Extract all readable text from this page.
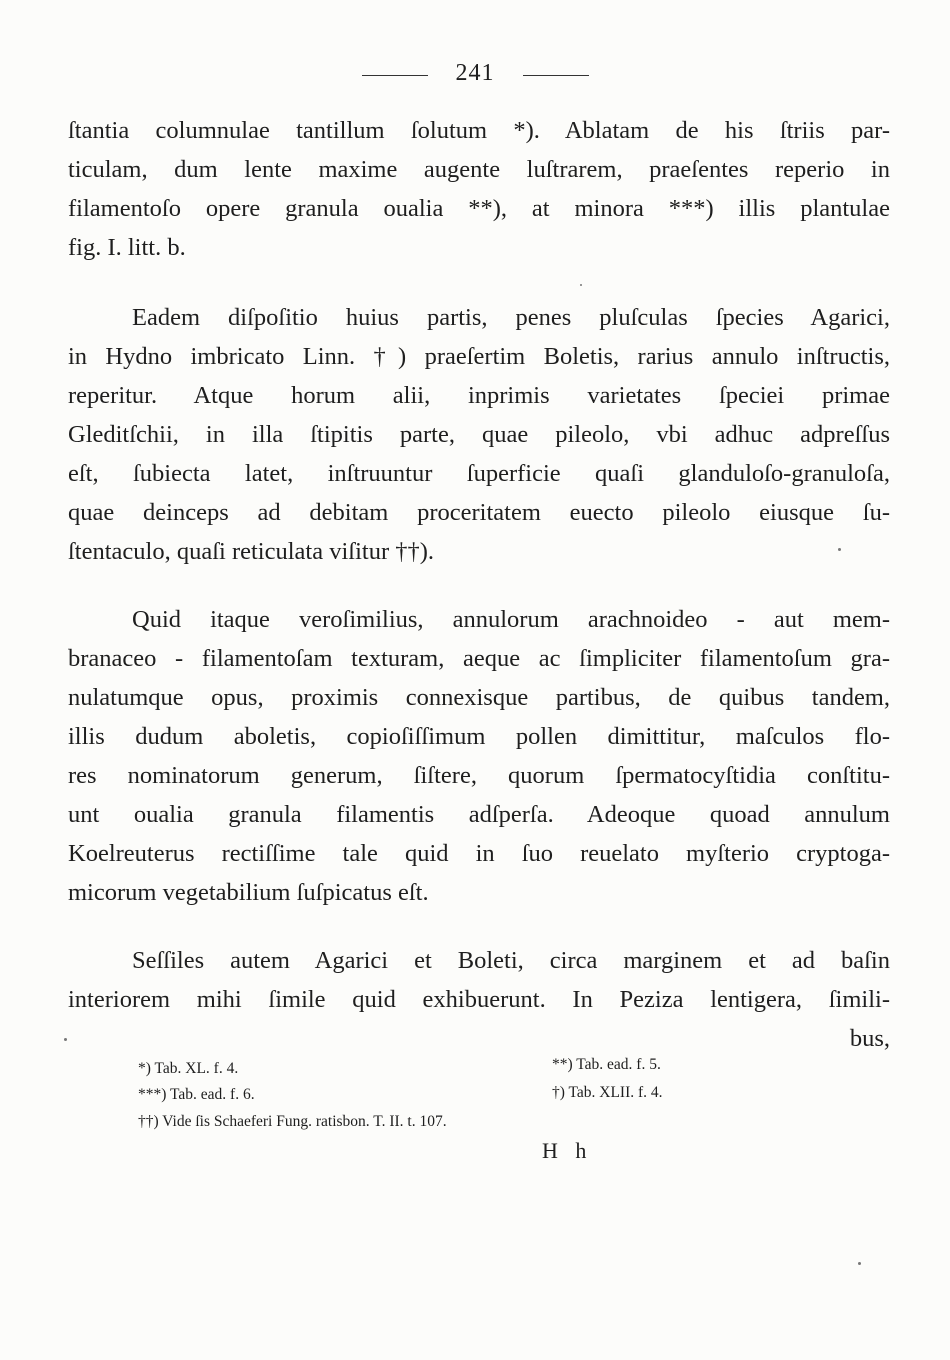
241
ſtantia columnulae tantillum ſolutum *). Ablatam de his ſtriis par-
ticulam, dum lente maxime augente luſtrarem, praeſentes reperio in
filamentoſo opere granula oualia **), at minora ***) illis plantulae
fig. I. litt. b.
Eadem diſpoſitio huius partis, penes pluſculas ſpecies Agarici,
in Hydno imbricato Linn. †) praeſertim Boletis, rarius annulo inſtructis,
reperitur. Atque horum alii, inprimis varietates ſpeciei primae
Gleditſchii, in illa ſtipitis parte, quae pileolo, vbi adhuc adpreſſus
eſt, ſubiecta latet, inſtruuntur ſuperficie quaſi glanduloſo-granuloſa,
quae deinceps ad debitam proceritatem euecto pileolo eiusque ſu-
ſtentaculo, quaſi reticulata viſitur ††).
Quid itaque veroſimilius, annulorum arachnoideo - aut mem-
branaceo - filamentoſam texturam, aeque ac ſimpliciter filamentoſum gra-
nulatumque opus, proximis connexisque partibus, de quibus tandem,
illis dudum aboletis, copioſiſſimum pollen dimittitur, maſculos flo-
res nominatorum generum, ſiſtere, quorum ſpermatocyſtidia conſtitu-
unt oualia granula filamentis adſperſa. Adeoque quoad annulum
Koelreuterus rectiſſime tale quid in ſuo reuelato myſterio cryptoga-
micorum vegetabilium ſuſpicatus eſt.
Seſſiles autem Agarici et Boleti, circa marginem et ad baſin
interiorem mihi ſimile quid exhibuerunt. In Peziza lentigera, ſimili-
bus,
*) Tab. XL. f. 4.	**) Tab. ead. f. 5.
***) Tab. ead. f. 6.	†) Tab. XLII. f. 4.
††) Vide ſis Schaeferi Fung. ratisbon. T. II. t. 107.
H h
